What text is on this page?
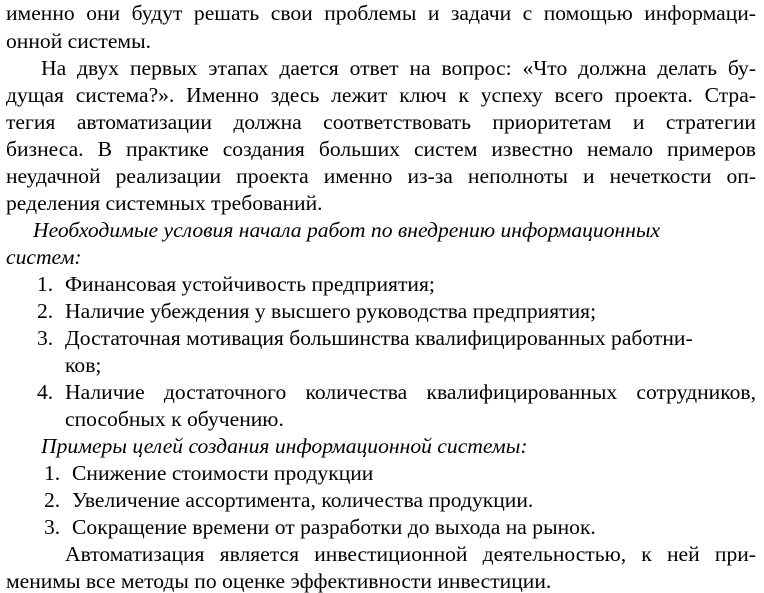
именно они будут решать свои проблемы и задачи с помощью информаци-
онной системы.
На двух первых этапах дается ответ на вопрос: «Что должна делать бу-
дущая система?». Именно здесь лежит ключ к успеху всего проекта. Стра-
тегия автоматизации должна соответствовать приоритетам и стратегии
бизнеса. В практике создания больших систем известно немало примеров
неудачной реализации проекта именно из-за неполноты и нечеткости оп-
ределения системных требований.
Необходимые условия начала работ по внедрению информационных
систем:
1. Финансовая устойчивость предприятия;
2. Наличие убеждения у высшего руководства предприятия;
3. Достаточная мотивация большинства квалифицированных работни-
ков;
4. Наличие достаточного количества квалифицированных сотрудников,
способных к обучению.
Примеры целей создания информационной системы:
1. Снижение стоимости продукции
2. Увеличение ассортимента, количества продукции.
3. Сокращение времени от разработки до выхода на рынок.
Автоматизация является инвестиционной деятельностью, к ней при-
менимы все методы по оценке эффективности инвестиции.
